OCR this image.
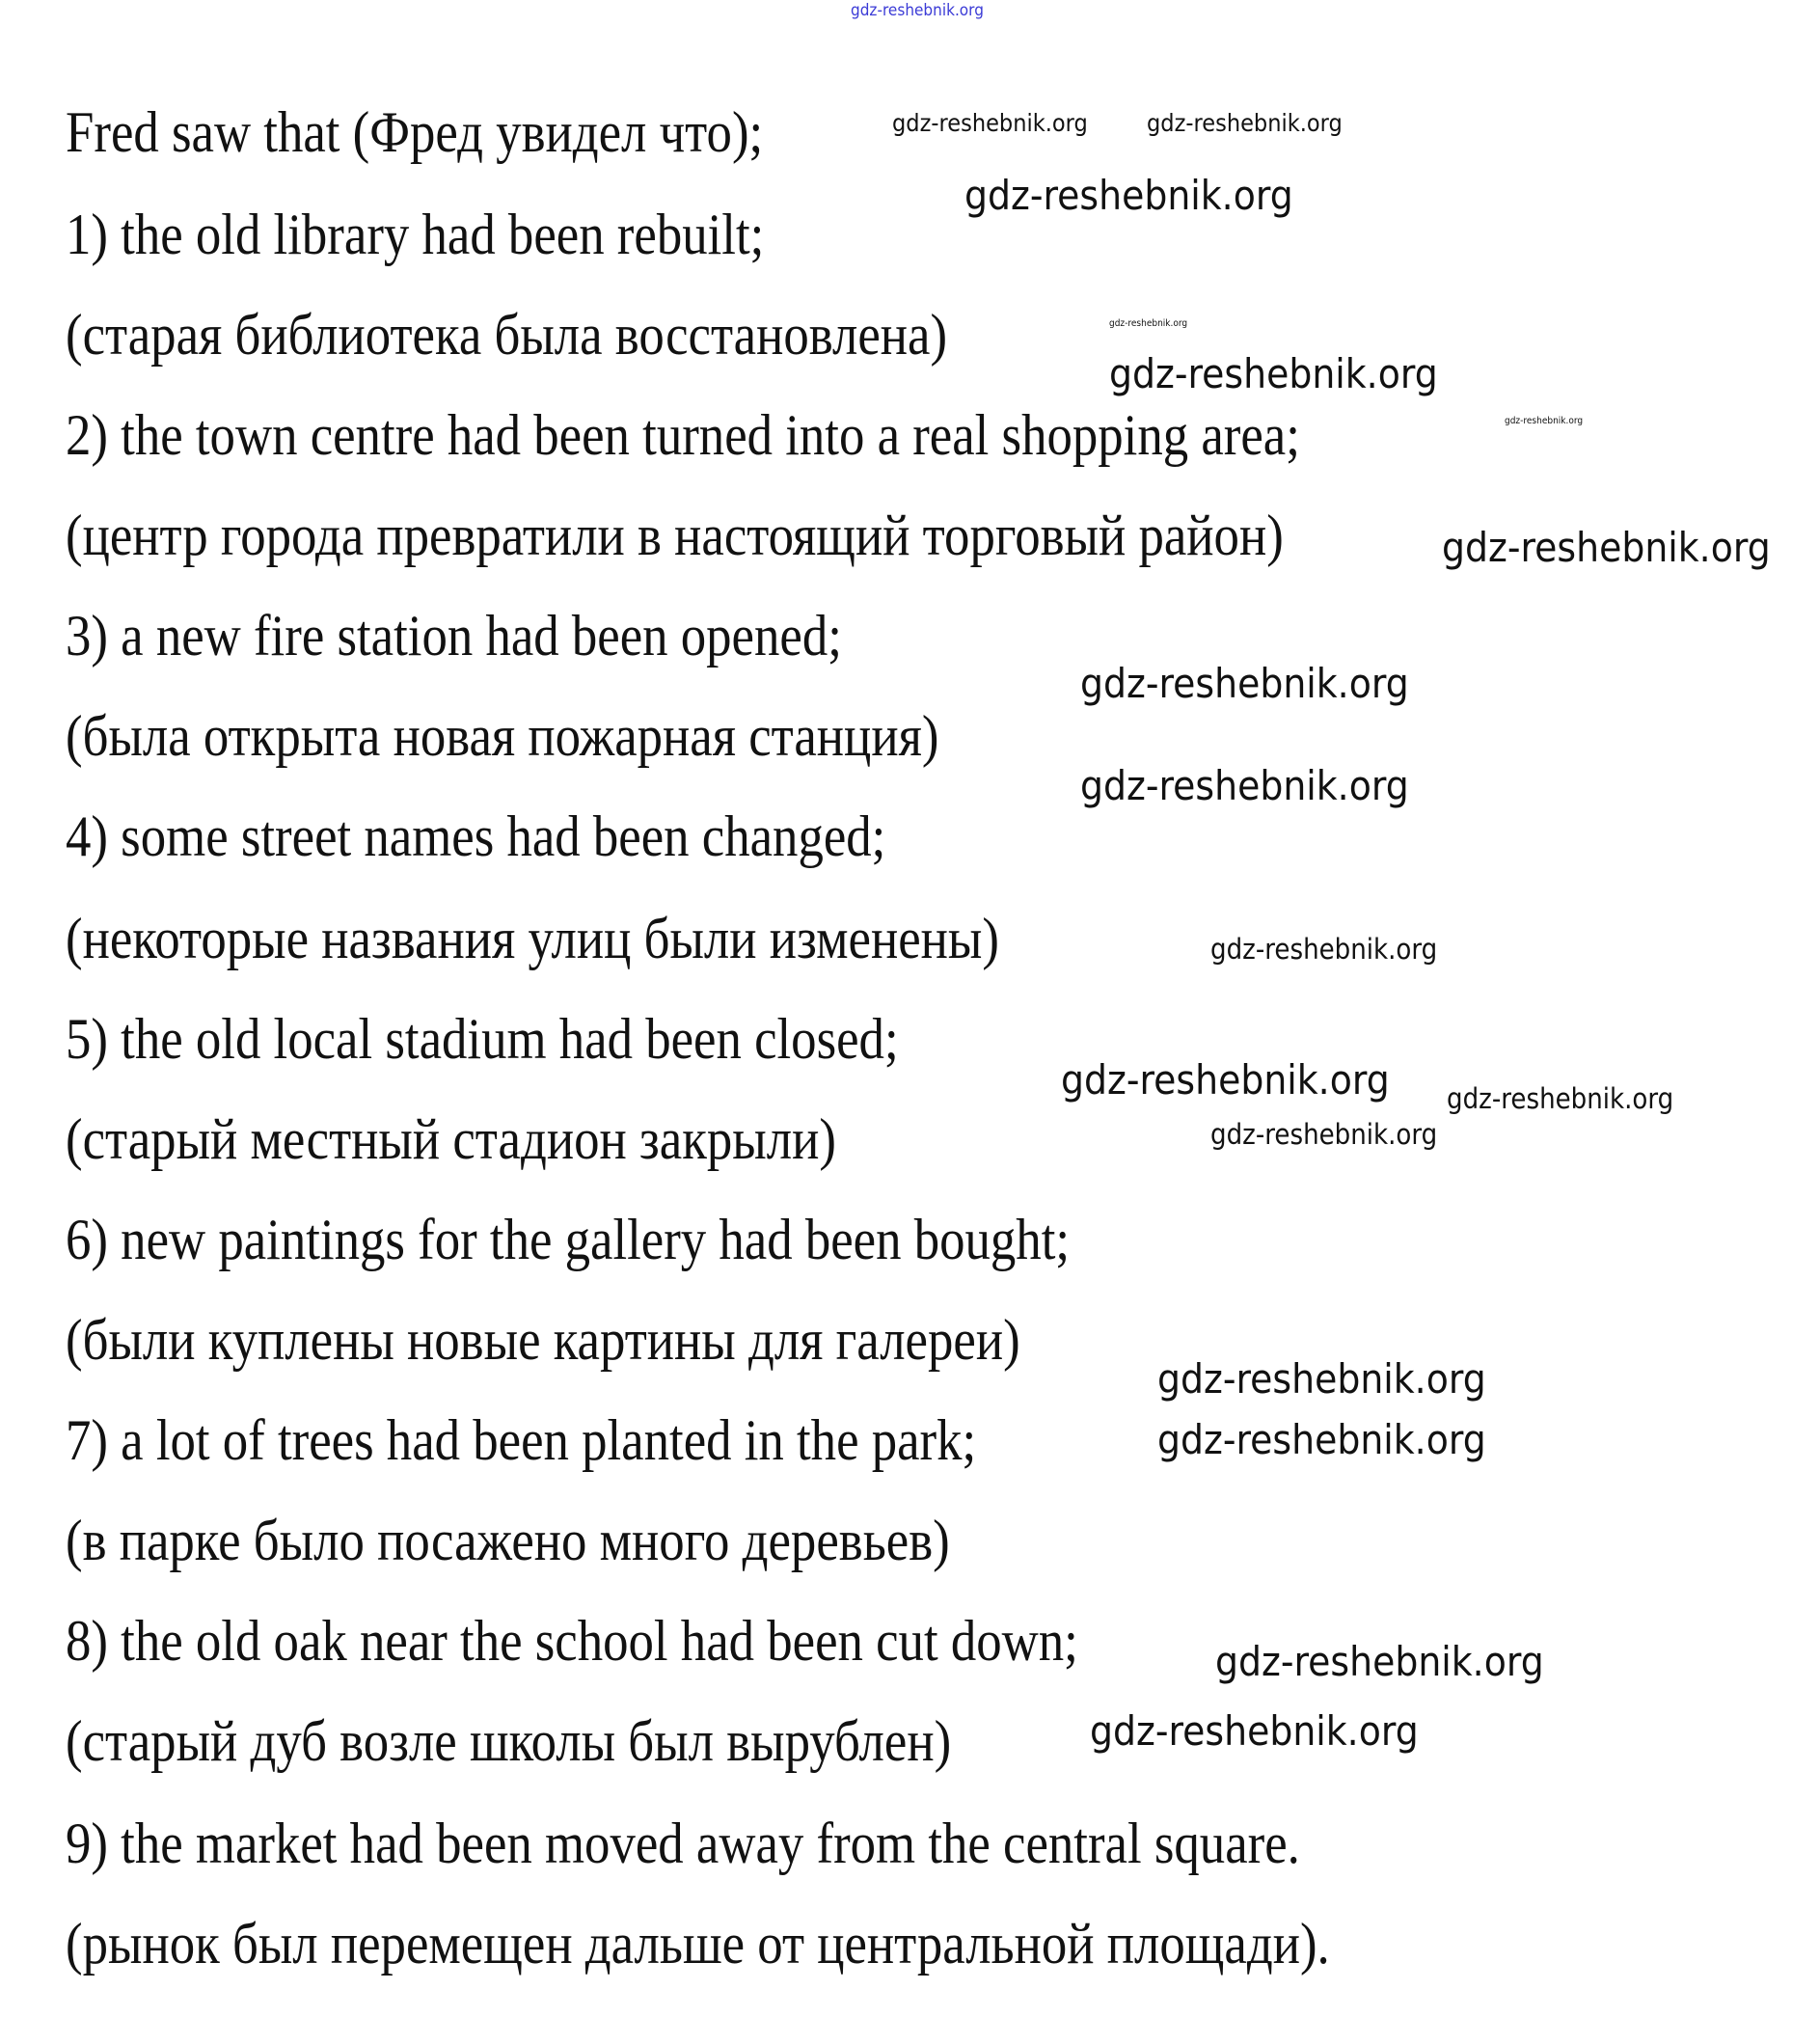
Fred saw that (Фред увидел что);
1) the old library had been rebuilt;
(старая библиотека была восстановлена)
2) the town centre had been turned into a real shopping area;
(центр города превратили в настоящий торговый район)
3) a new fire station had been opened;
(была открыта новая пожарная станция)
4) some street names had been changed;
(некоторые названия улиц были изменены)
5) the old local stadium had been closed;
(старый местный стадион закрыли)
6) new paintings for the gallery had been bought;
(были куплены новые картины для галереи)
7) a lot of trees had been planted in the park;
(в парке было посажено много деревьев)
8) the old oak near the school had been cut down;
(старый дуб возле школы был вырублен)
9) the market had been moved away from the central square.
(рынок был перемещен дальше от центральной площади).
gdz-reshebnik.org
gdz-reshebnik.org gdz-reshebnik.org
gdz-reshebnik.org
gdz-reshebnik.org
gdz-reshebnik.org
gdz-reshebnik.org
gdz-reshebnik.org
gdz-reshebnik.org
gdz-reshebnik.org
gdz-reshebnik.org
gdz-reshebnik.org gdz-reshebnik.org
gdz-reshebnik.org
gdz-reshebnik.org
gdz-reshebnik.org
gdz-reshebnik.org
gdz-reshebnik.org
